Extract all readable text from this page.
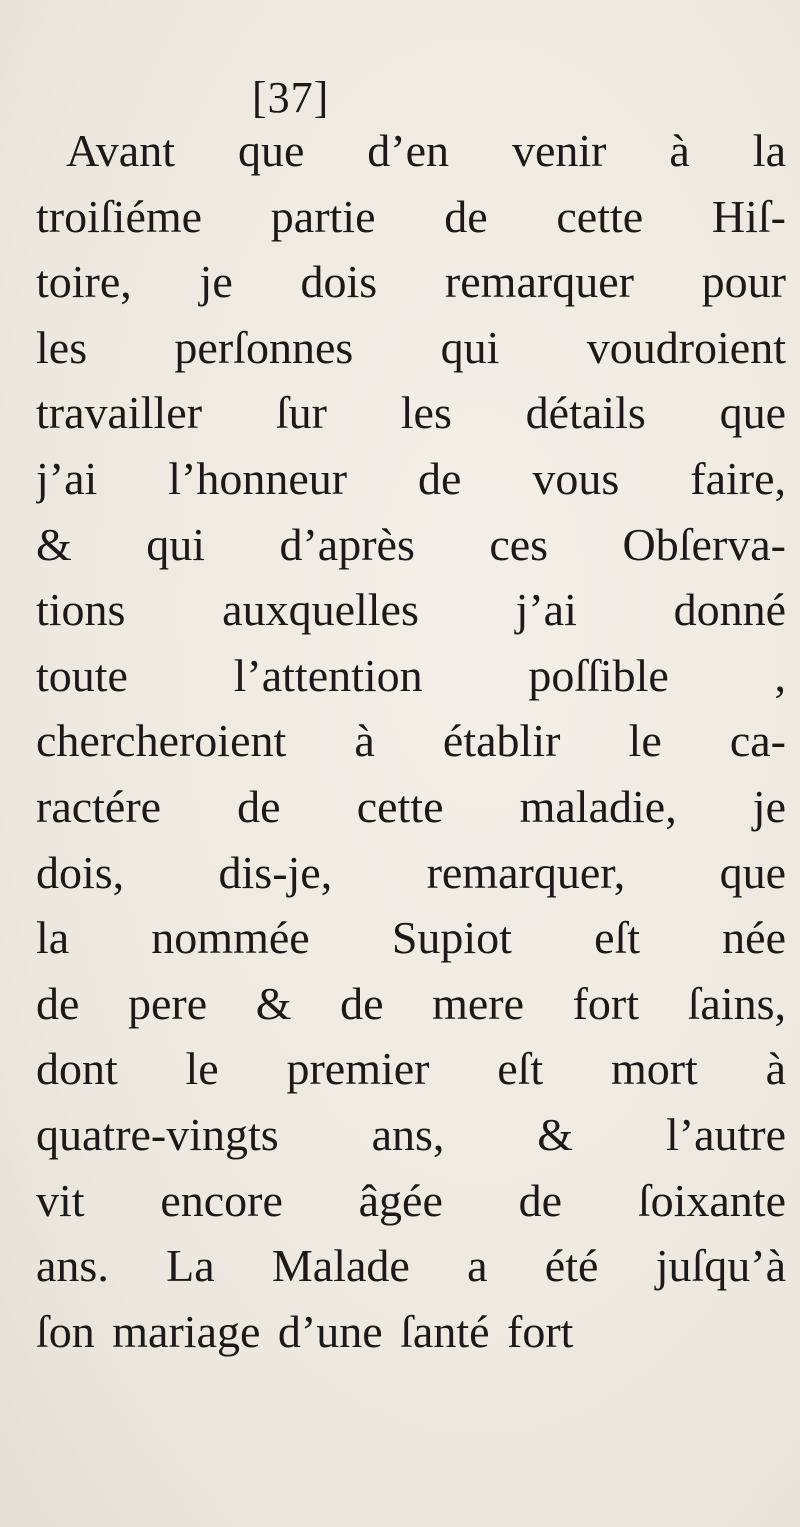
[37]
Avant que d’en venir à la
troiſiéme partie de cette Hiſ-
toire, je dois remarquer pour
les perſonnes qui voudroient
travailler ſur les détails que
j’ai l’honneur de vous faire,
& qui d’après ces Obſerva-
tions auxquelles j’ai donné
toute l’attention poſſible ,
chercheroient à établir le ca-
ractére de cette maladie, je
dois, dis-je, remarquer, que
la nommée Supiot eſt née
de pere & de mere fort ſains,
dont le premier eſt mort à
quatre-vingts ans, & l’autre
vit encore âgée de ſoixante
ans. La Malade a été juſqu’à
ſon mariage d’une ſanté fort
